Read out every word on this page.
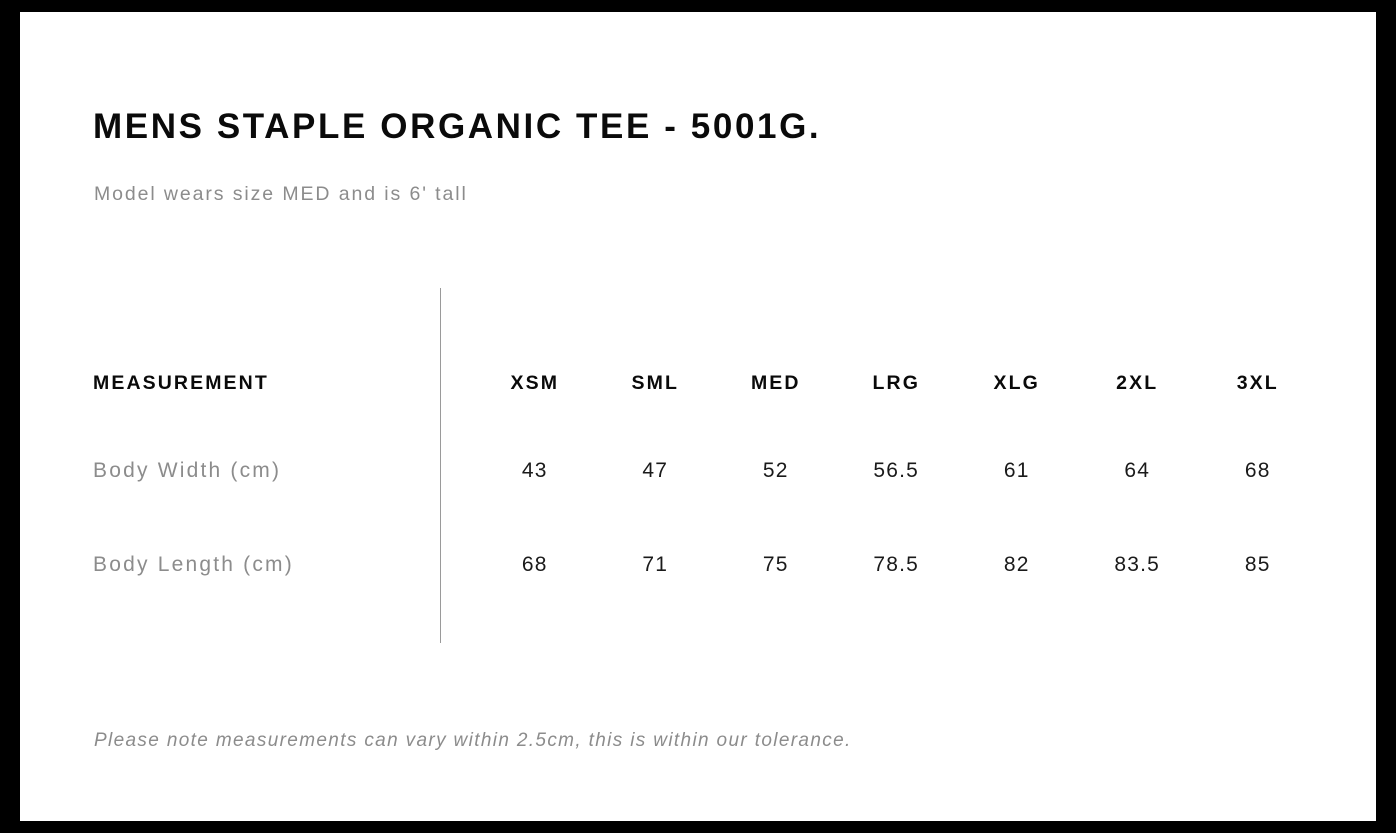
MENS STAPLE ORGANIC TEE - 5001G.
Model wears size MED and is 6' tall
MEASUREMENT	XSM	SML	MED	LRG	XLG	2XL	3XL
Body Width (cm)	43	47	52	56.5	61	64	68
Body Length (cm)	68	71	75	78.5	82	83.5	85
Please note measurements can vary within 2.5cm, this is within our tolerance.
